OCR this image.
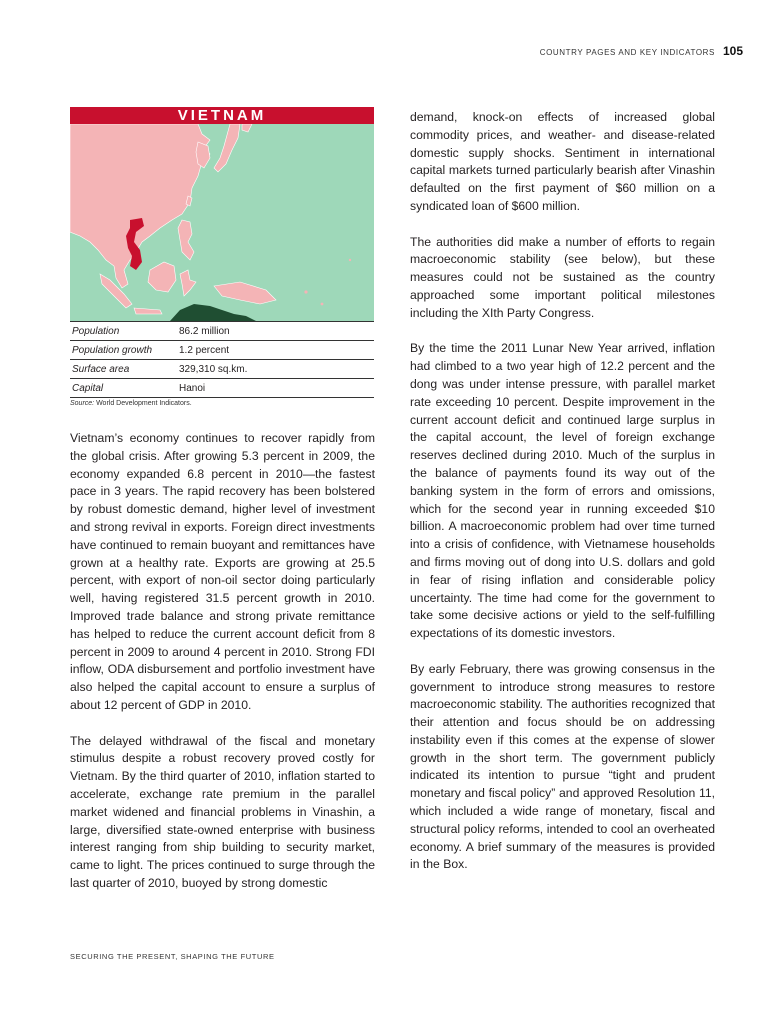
COUNTRY PAGES AND KEY INDICATORS 105
VIETNAM
Population	86.2 million
Population growth	1.2 percent
Surface area	329,310 sq.km.
Capital	Hanoi
Source: World Development Indicators.

Vietnam’s economy continues to recover rapidly from the global crisis. After growing 5.3 percent in 2009, the economy expanded 6.8 percent in 2010—the fastest pace in 3 years. The rapid recovery has been bolstered by robust domestic demand, higher level of investment and strong revival in exports. Foreign direct investments have continued to remain buoyant and remittances have grown at a healthy rate. Exports are growing at 25.5 percent, with export of non-oil sector doing particularly well, having registered 31.5 percent growth in 2010. Improved trade balance and strong private remittance has helped to reduce the current account deficit from 8 percent in 2009 to around 4 percent in 2010. Strong FDI inflow, ODA disbursement and portfolio investment have also helped the capital account to ensure a surplus of about 12 percent of GDP in 2010.

The delayed withdrawal of the fiscal and monetary stimulus despite a robust recovery proved costly for Vietnam. By the third quarter of 2010, inflation started to accelerate, exchange rate premium in the parallel market widened and financial problems in Vinashin, a large, diversified state-owned enterprise with business interest ranging from ship building to security market, came to light. The prices continued to surge through the last quarter of 2010, buoyed by strong domestic

demand, knock-on effects of increased global commodity prices, and weather- and disease-related domestic supply shocks. Sentiment in international capital markets turned particularly bearish after Vinashin defaulted on the first payment of $60 million on a syndicated loan of $600 million.

The authorities did make a number of efforts to regain macroeconomic stability (see below), but these measures could not be sustained as the country approached some important political milestones including the XIth Party Congress.

By the time the 2011 Lunar New Year arrived, inflation had climbed to a two year high of 12.2 percent and the dong was under intense pressure, with parallel market rate exceeding 10 percent. Despite improvement in the current account deficit and continued large surplus in the capital account, the level of foreign exchange reserves declined during 2010. Much of the surplus in the balance of payments found its way out of the banking system in the form of errors and omissions, which for the second year in running exceeded $10 billion. A macroeconomic problem had over time turned into a crisis of confidence, with Vietnamese households and firms moving out of dong into U.S. dollars and gold in fear of rising inflation and considerable policy uncertainty. The time had come for the government to take some decisive actions or yield to the self-fulfilling expectations of its domestic investors.

By early February, there was growing consensus in the government to introduce strong measures to restore macroeconomic stability. The authorities recognized that their attention and focus should be on addressing instability even if this comes at the expense of slower growth in the short term. The government publicly indicated its intention to pursue “tight and prudent monetary and fiscal policy” and approved Resolution 11, which included a wide range of monetary, fiscal and structural policy reforms, intended to cool an overheated economy. A brief summary of the measures is provided in the Box.

SECURING THE PRESENT, SHAPING THE FUTURE
